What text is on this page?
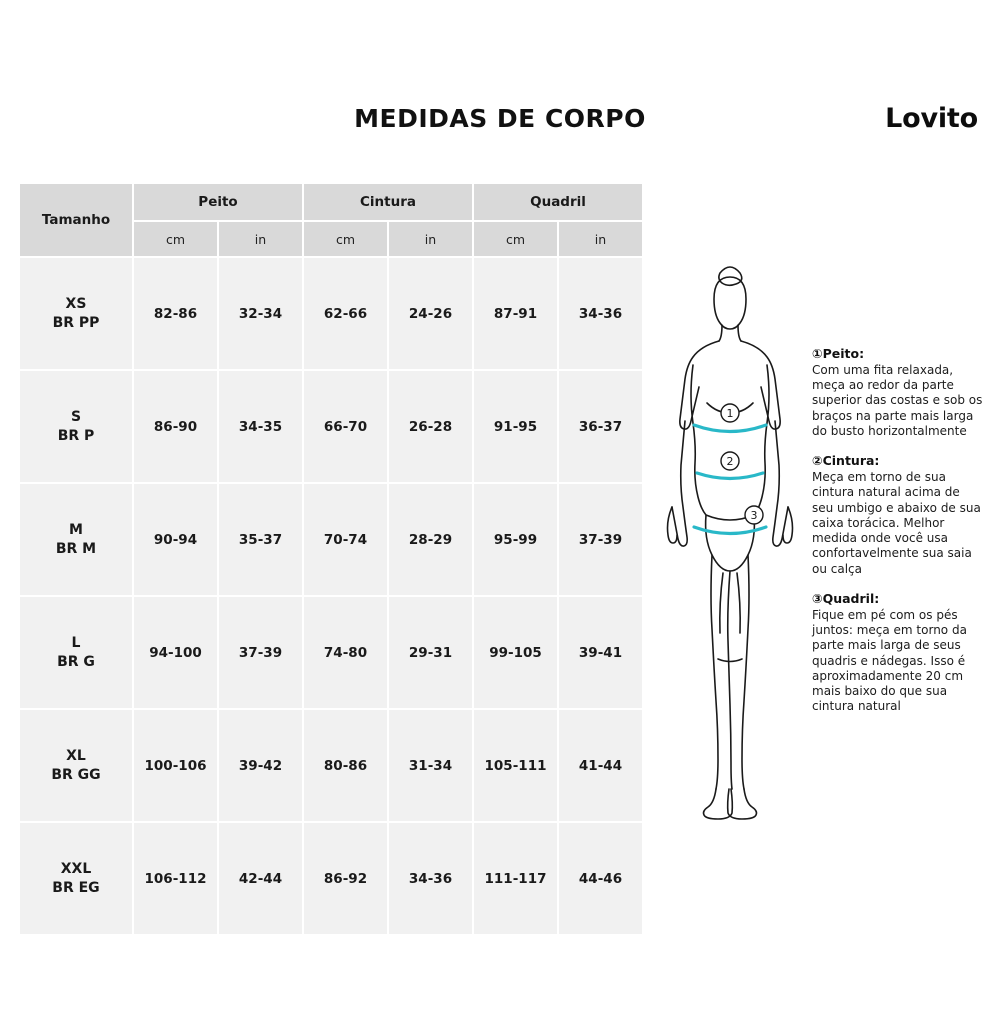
MEDIDAS DE CORPO	Lovito
Tamanho	Peito		Cintura		Quadril	
	cm	in	cm	in	cm	in

XS
BR PP	82-86	32-34	62-66	24-26	87-91	34-36

S
BR P	86-90	34-35	66-70	26-28	91-95	36-37

M
BR M	90-94	35-37	70-74	28-29	95-99	37-39

L
BR G	94-100	37-39	74-80	29-31	99-105	39-41

XL
BR GG	100-106	39-42	80-86	31-34	105-111	41-44

XXL
BR EG	106-112	42-44	86-92	34-36	111-117	44-46
1
2
3
①Peito:
Com uma fita relaxada, meça ao redor da parte superior das costas e sob os braços na parte mais larga do busto horizontalmente
②Cintura:
Meça em torno de sua cintura natural acima de seu umbigo e abaixo de sua caixa torácica. Melhor medida onde você usa confortavelmente sua saia ou calça
③Quadril:
Fique em pé com os pés juntos: meça em torno da parte mais larga de seus quadris e nádegas. Isso é aproximadamente 20 cm mais baixo do que sua cintura natural
